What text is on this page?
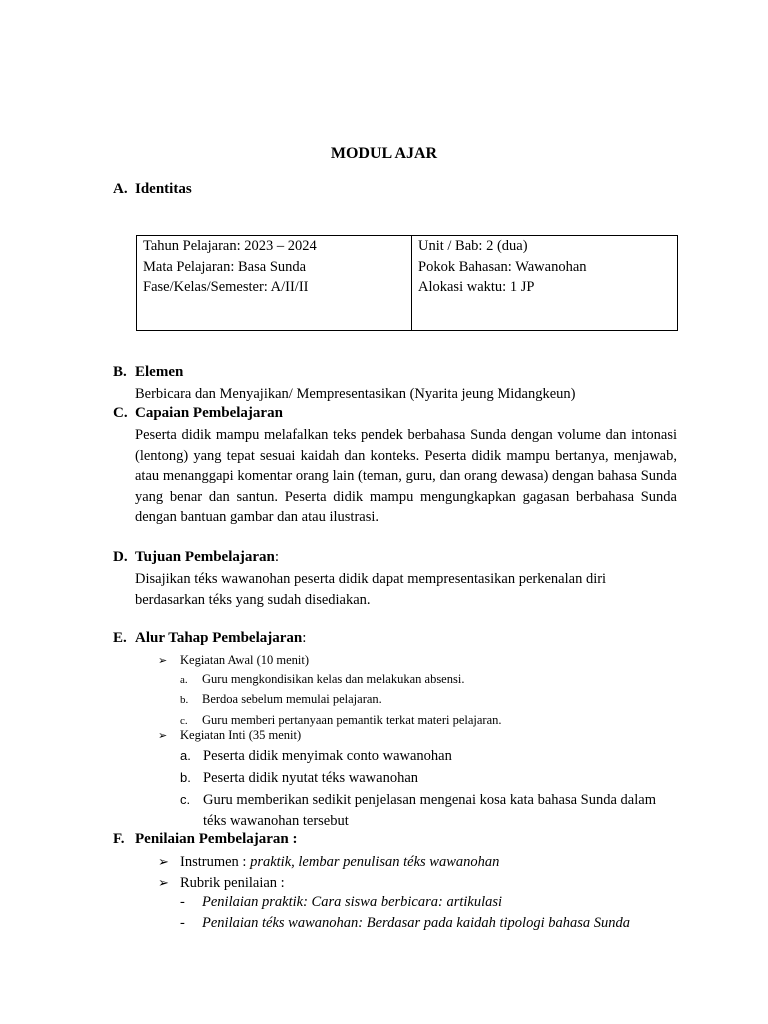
MODUL AJAR
A. Identitas
Tahun Pelajaran: 2023 – 2024
Mata Pelajaran: Basa Sunda
Fase/Kelas/Semester: A/II/II

Unit / Bab: 2 (dua)
Pokok Bahasan: Wawanohan
Alokasi waktu: 1 JP
B. Elemen
Berbicara dan Menyajikan/ Mempresentasikan (Nyarita jeung Midangkeun)
C. Capaian Pembelajaran
Peserta didik mampu melafalkan teks pendek berbahasa Sunda dengan volume dan intonasi (lentong) yang tepat sesuai kaidah dan konteks. Peserta didik mampu bertanya, menjawab, atau menanggapi komentar orang lain (teman, guru, dan orang dewasa) dengan bahasa Sunda yang benar dan santun. Peserta didik mampu mengungkapkan gagasan berbahasa Sunda dengan bantuan gambar dan atau ilustrasi.
D. Tujuan Pembelajaran:
Disajikan téks wawanohan peserta didik dapat mempresentasikan perkenalan diri
berdasarkan téks yang sudah disediakan.
E. Alur Tahap Pembelajaran:
➢ Kegiatan Awal (10 menit)
a. Guru mengkondisikan kelas dan melakukan absensi.
b. Berdoa sebelum memulai pelajaran.
c. Guru memberi pertanyaan pemantik terkat materi pelajaran.
➢ Kegiatan Inti (35 menit)
a. Peserta didik menyimak conto wawanohan
b. Peserta didik nyutat téks wawanohan
c. Guru memberikan sedikit penjelasan mengenai kosa kata bahasa Sunda dalam
téks wawanohan tersebut
F. Penilaian Pembelajaran :
➢ Instrumen : praktik, lembar penulisan téks wawanohan
➢ Rubrik penilaian :
- Penilaian praktik: Cara siswa berbicara: artikulasi
- Penilaian téks wawanohan: Berdasar pada kaidah tipologi bahasa Sunda
